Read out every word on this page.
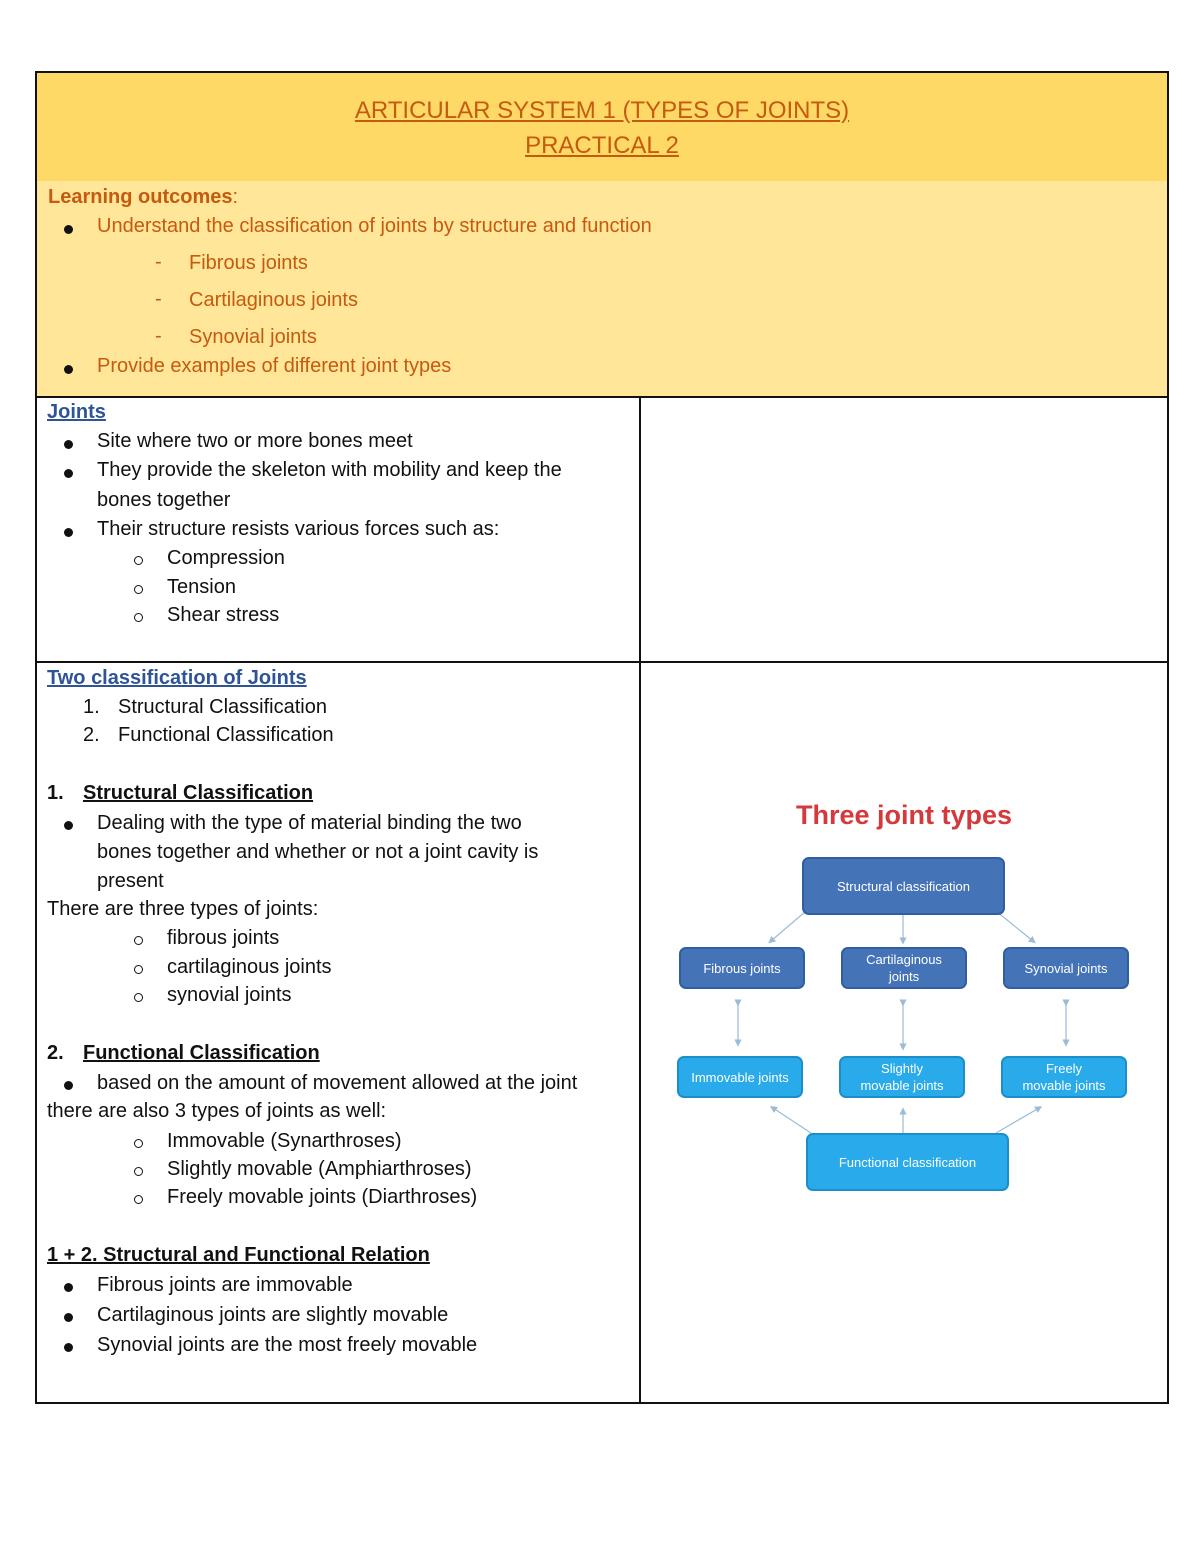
ARTICULAR SYSTEM 1 (TYPES OF JOINTS)
PRACTICAL 2
Learning outcomes:
Understand the classification of joints by structure and function
- Fibrous joints
- Cartilaginous joints
- Synovial joints
Provide examples of different joint types
Joints
Site where two or more bones meet
They provide the skeleton with mobility and keep the
bones together
Their structure resists various forces such as:
Compression
Tension
Shear stress
Two classification of Joints
1. Structural Classification
2. Functional Classification
1. Structural Classification
Dealing with the type of material binding the two
bones together and whether or not a joint cavity is
present
There are three types of joints:
fibrous joints
cartilaginous joints
synovial joints
2. Functional Classification
based on the amount of movement allowed at the joint
there are also 3 types of joints as well:
Immovable (Synarthroses)
Slightly movable (Amphiarthroses)
Freely movable joints (Diarthroses)
1 + 2. Structural and Functional Relation
Fibrous joints are immovable
Cartilaginous joints are slightly movable
Synovial joints are the most freely movable
Three joint types
Structural classification
Fibrous joints
Cartilaginous joints
Synovial joints
Immovable joints
Slightly movable joints
Freely movable joints
Functional classification
